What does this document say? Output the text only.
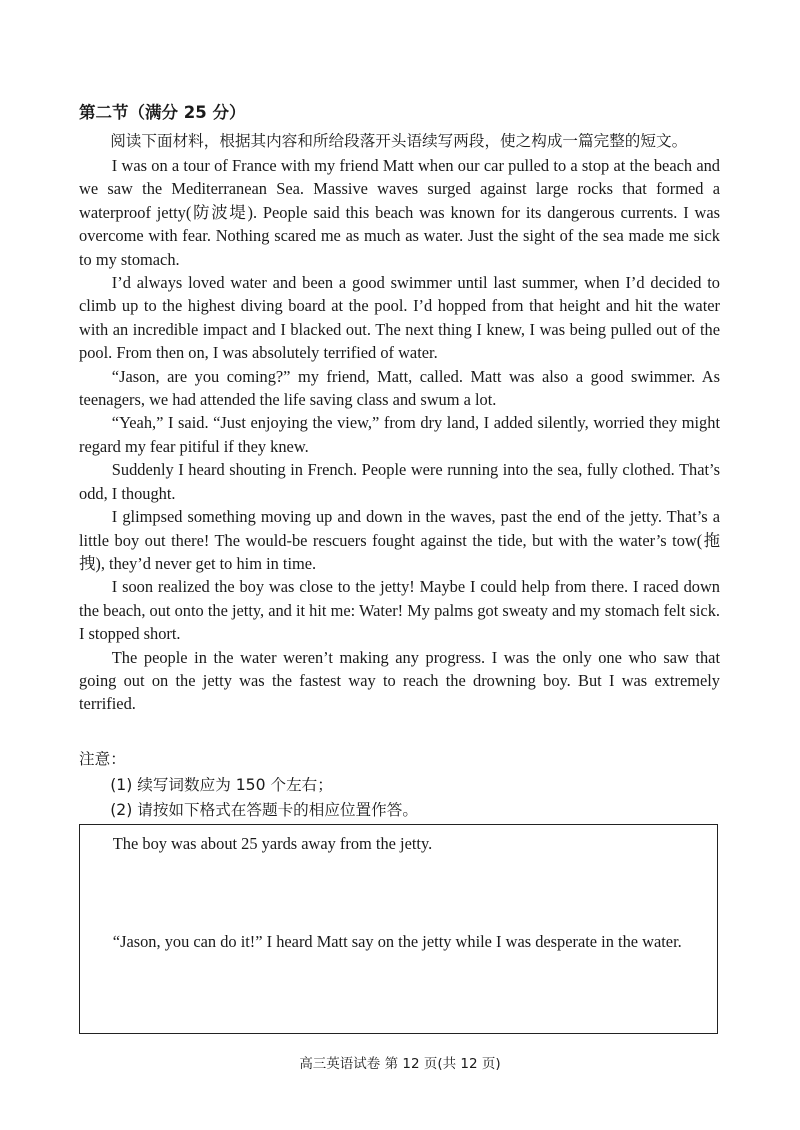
第二节（满分 25 分）

阅读下面材料，根据其内容和所给段落开头语续写两段，使之构成一篇完整的短文。

I was on a tour of France with my friend Matt when our car pulled to a stop at the beach and we saw the Mediterranean Sea. Massive waves surged against large rocks that formed a waterproof jetty(防波堤). People said this beach was known for its dangerous currents. I was overcome with fear. Nothing scared me as much as water. Just the sight of the sea made me sick to my stomach.

I’d always loved water and been a good swimmer until last summer, when I’d decided to climb up to the highest diving board at the pool. I’d hopped from that height and hit the water with an incredible impact and I blacked out. The next thing I knew, I was being pulled out of the pool. From then on, I was absolutely terrified of water.

“Jason, are you coming?” my friend, Matt, called. Matt was also a good swimmer. As teenagers, we had attended the life saving class and swum a lot.

“Yeah,” I said. “Just enjoying the view,” from dry land, I added silently, worried they might regard my fear pitiful if they knew.

Suddenly I heard shouting in French. People were running into the sea, fully clothed. That’s odd, I thought.

I glimpsed something moving up and down in the waves, past the end of the jetty. That’s a little boy out there! The would-be rescuers fought against the tide, but with the water’s tow(拖拽), they’d never get to him in time.

I soon realized the boy was close to the jetty! Maybe I could help from there. I raced down the beach, out onto the jetty, and it hit me: Water! My palms got sweaty and my stomach felt sick. I stopped short.

The people in the water weren’t making any progress. I was the only one who saw that going out on the jetty was the fastest way to reach the drowning boy. But I was extremely terrified.

注意：
(1) 续写词数应为 150 个左右；
(2) 请按如下格式在答题卡的相应位置作答。

The boy was about 25 yards away from the jetty.

“Jason, you can do it!” I heard Matt say on the jetty while I was desperate in the water.

高三英语试卷 第 12 页(共 12 页)
